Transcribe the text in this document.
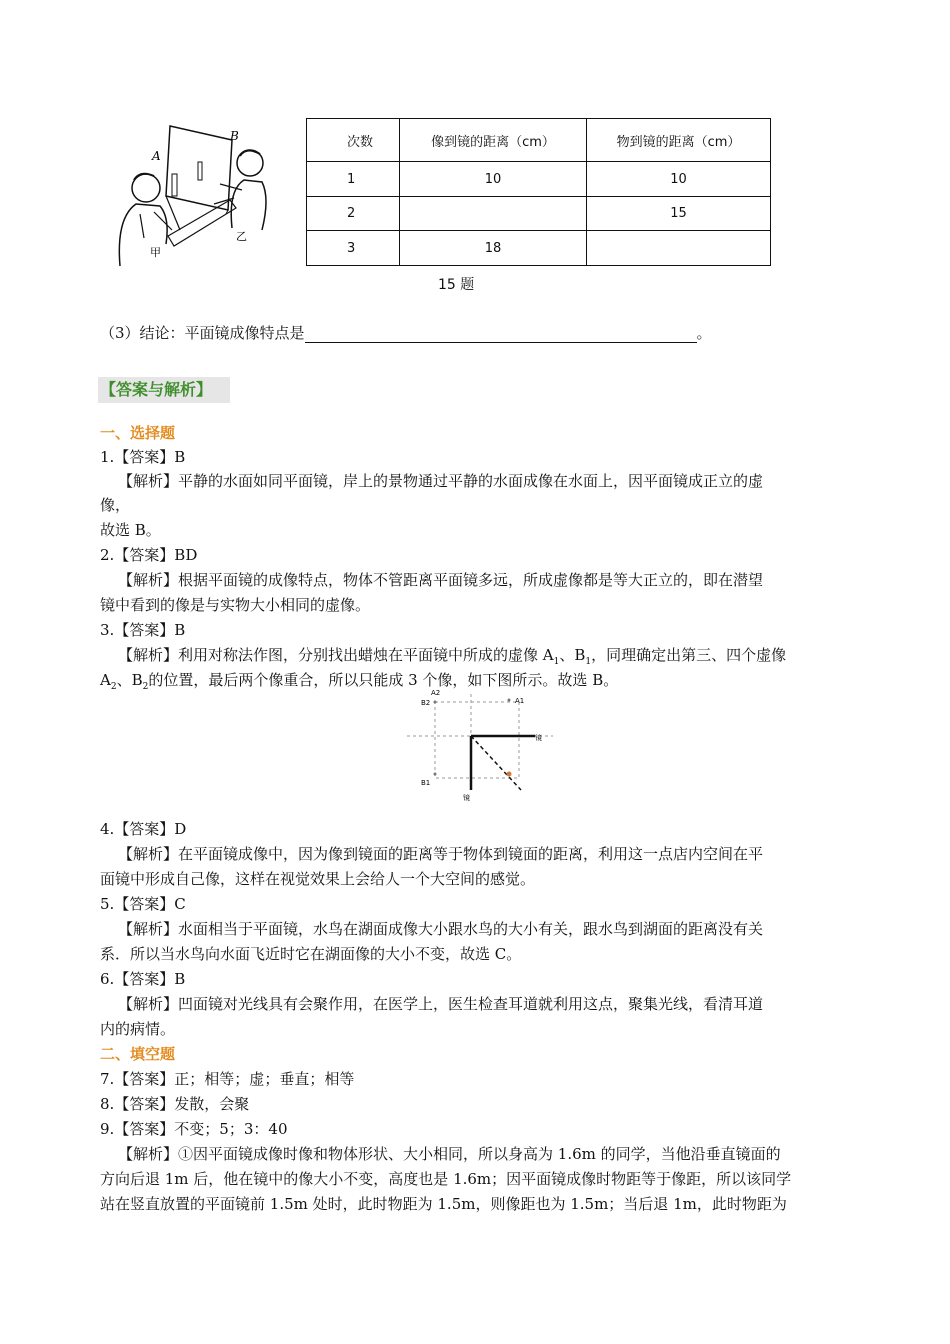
A
B
甲
乙
次数	像到镜的距离（cm）	物到镜的距离（cm）
1	10	10
2		15
3	18	
15 题
（3）结论：平面镜成像特点是	。
【答案与解析】
一、选择题
1.【答案】B
【解析】平静的水面如同平面镜，岸上的景物通过平静的水面成像在水面上，因平面镜成正立的虚
像，
故选 B。
2.【答案】BD
【解析】根据平面镜的成像特点，物体不管距离平面镜多远，所成虚像都是等大正立的，即在潜望
镜中看到的像是与实物大小相同的虚像。
3.【答案】B
【解析】利用对称法作图，分别找出蜡烛在平面镜中所成的虚像 $A_1$、$B_1$，同理确定出第三、四个虚像
$A_2$、$B_2$的位置，最后两个像重合，所以只能成 3 个像，如下图所示。故选 B。
A1
A2
B2
B1
镜
镜
4.【答案】D
【解析】在平面镜成像中，因为像到镜面的距离等于物体到镜面的距离，利用这一点店内空间在平
面镜中形成自己像，这样在视觉效果上会给人一个大空间的感觉。
5.【答案】C
【解析】水面相当于平面镜，水鸟在湖面成像大小跟水鸟的大小有关，跟水鸟到湖面的距离没有关
系．所以当水鸟向水面飞近时它在湖面像的大小不变，故选 C。
6.【答案】B
【解析】凹面镜对光线具有会聚作用，在医学上，医生检查耳道就利用这点，聚集光线，看清耳道
内的病情。
二、填空题
7.【答案】正；相等；虚；垂直；相等
8.【答案】发散，会聚
9.【答案】不变；5；3：40
【解析】①因平面镜成像时像和物体形状、大小相同，所以身高为 1.6m 的同学，当他沿垂直镜面的
方向后退 1m 后，他在镜中的像大小不变，高度也是 1.6m；因平面镜成像时物距等于像距，所以该同学
站在竖直放置的平面镜前 1.5m 处时，此时物距为 1.5m，则像距也为 1.5m；当后退 1m，此时物距为
